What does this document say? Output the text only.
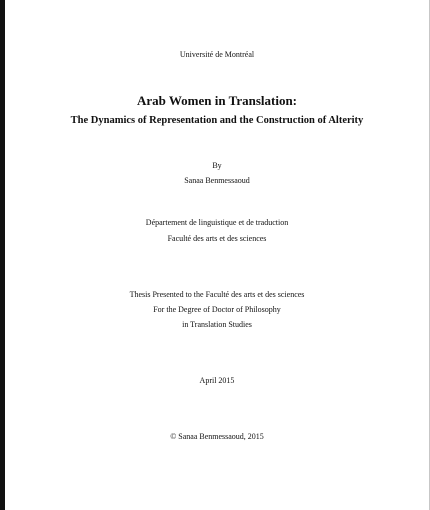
Université de Montréal
Arab Women in Translation:
The Dynamics of Representation and the Construction of Alterity
By
Sanaa Benmessaoud
Département de linguistique et de traduction
Faculté des arts et des sciences
Thesis Presented to the Faculté des arts et des sciences
For the Degree of Doctor of Philosophy
in Translation Studies
April 2015
© Sanaa Benmessaoud, 2015
